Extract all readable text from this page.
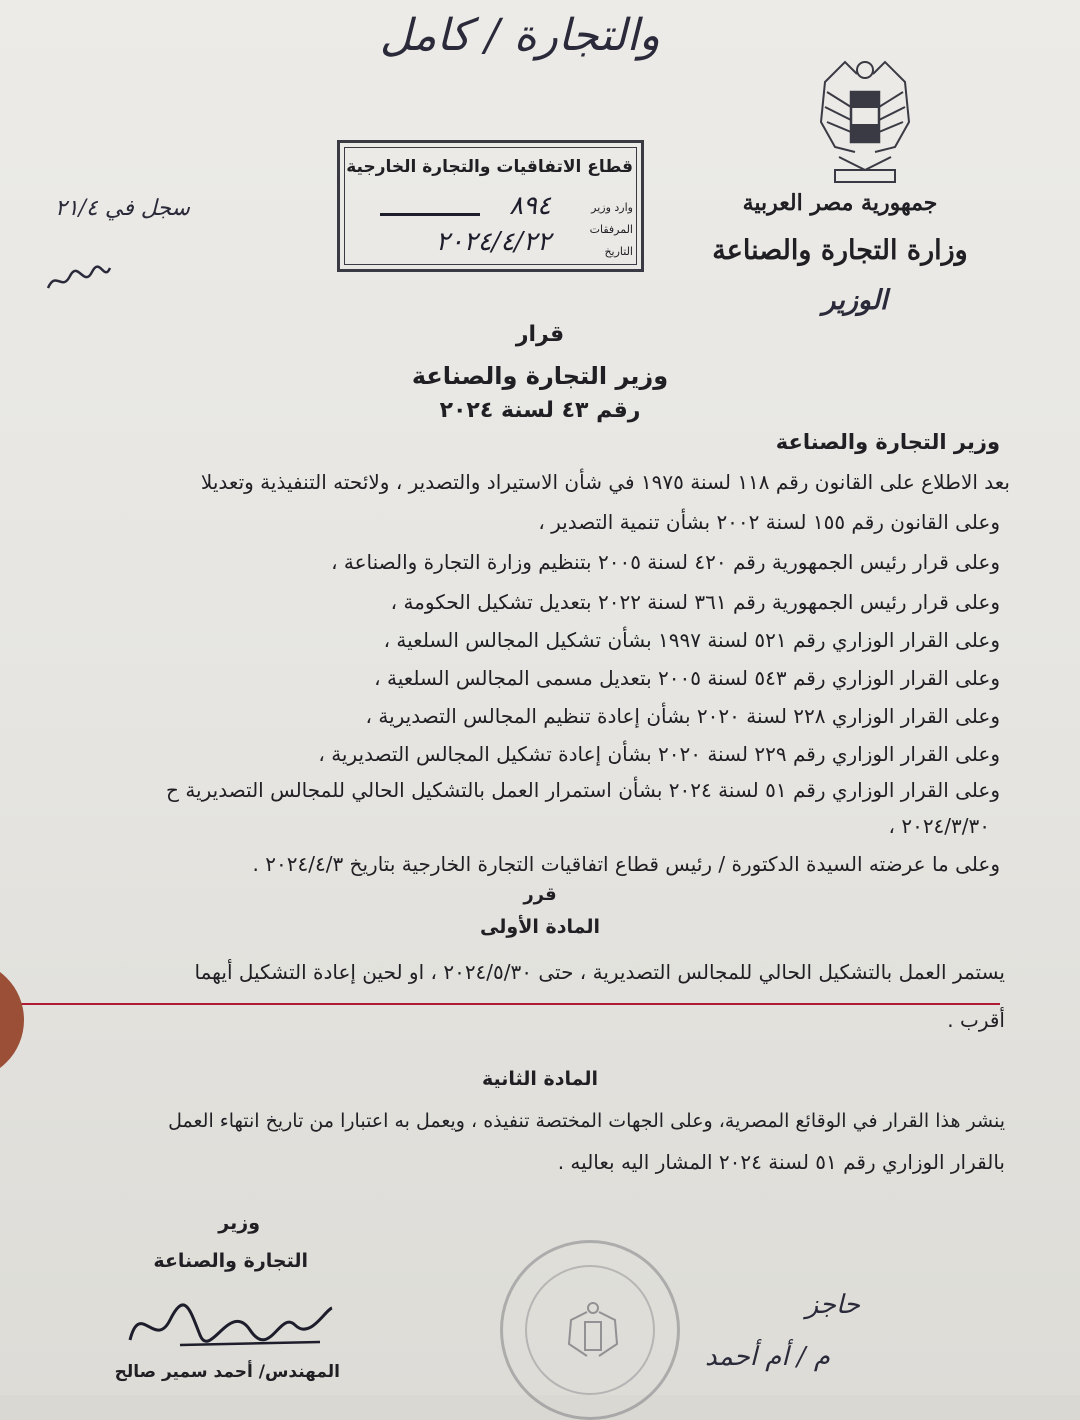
والتجارة / كامل
سجل في ٢١/٤	جمهورية مصر العربية
وزارة التجارة والصناعة
الوزير
قطاع الاتفاقيات والتجارة الخارجية
وارد وزير
المرفقات
التاريخ
٨٩٤
٢٠٢٤/٤/٢٢
قرار
وزير التجارة والصناعة
رقم ٤٣ لسنة ٢٠٢٤
وزير التجارة والصناعة
بعد الاطلاع على القانون رقم ١١٨ لسنة ١٩٧٥ في شأن الاستيراد والتصدير ، ولائحته التنفيذية وتعديلا
وعلى القانون رقم ١٥٥ لسنة ٢٠٠٢ بشأن تنمية التصدير ،
وعلى قرار رئيس الجمهورية رقم ٤٢٠ لسنة ٢٠٠٥ بتنظيم وزارة التجارة والصناعة ،
وعلى قرار رئيس الجمهورية رقم ٣٦١ لسنة ٢٠٢٢ بتعديل تشكيل الحكومة ،
وعلى القرار الوزاري رقم ٥٢١ لسنة ١٩٩٧ بشأن تشكيل المجالس السلعية ،
وعلى القرار الوزاري رقم ٥٤٣ لسنة ٢٠٠٥ بتعديل مسمى المجالس السلعية ،
وعلى القرار الوزاري ٢٢٨ لسنة ٢٠٢٠ بشأن إعادة تنظيم المجالس التصديرية ،
وعلى القرار الوزاري رقم ٢٢٩ لسنة ٢٠٢٠ بشأن إعادة تشكيل المجالس التصديرية ،
وعلى القرار الوزاري رقم ٥١ لسنة ٢٠٢٤ بشأن استمرار العمل بالتشكيل الحالي للمجالس التصديرية ح
٢٠٢٤/٣/٣٠ ،
وعلى ما عرضته السيدة الدكتورة / رئيس قطاع اتفاقيات التجارة الخارجية بتاريخ ٢٠٢٤/٤/٣ .
قرر
المادة الأولى
يستمر العمل بالتشكيل الحالي للمجالس التصديرية ، حتى ٢٠٢٤/٥/٣٠ ، او لحين إعادة التشكيل أيهما
أقرب .
المادة الثانية
ينشر هذا القرار في الوقائع المصرية، وعلى الجهات المختصة تنفيذه ، ويعمل به اعتبارا من تاريخ انتهاء العمل
بالقرار الوزاري رقم ٥١ لسنة ٢٠٢٤ المشار اليه بعاليه .
وزير
التجارة والصناعة
المهندس/ أحمد سمير صالح
حاجز
م / أم أحمد
